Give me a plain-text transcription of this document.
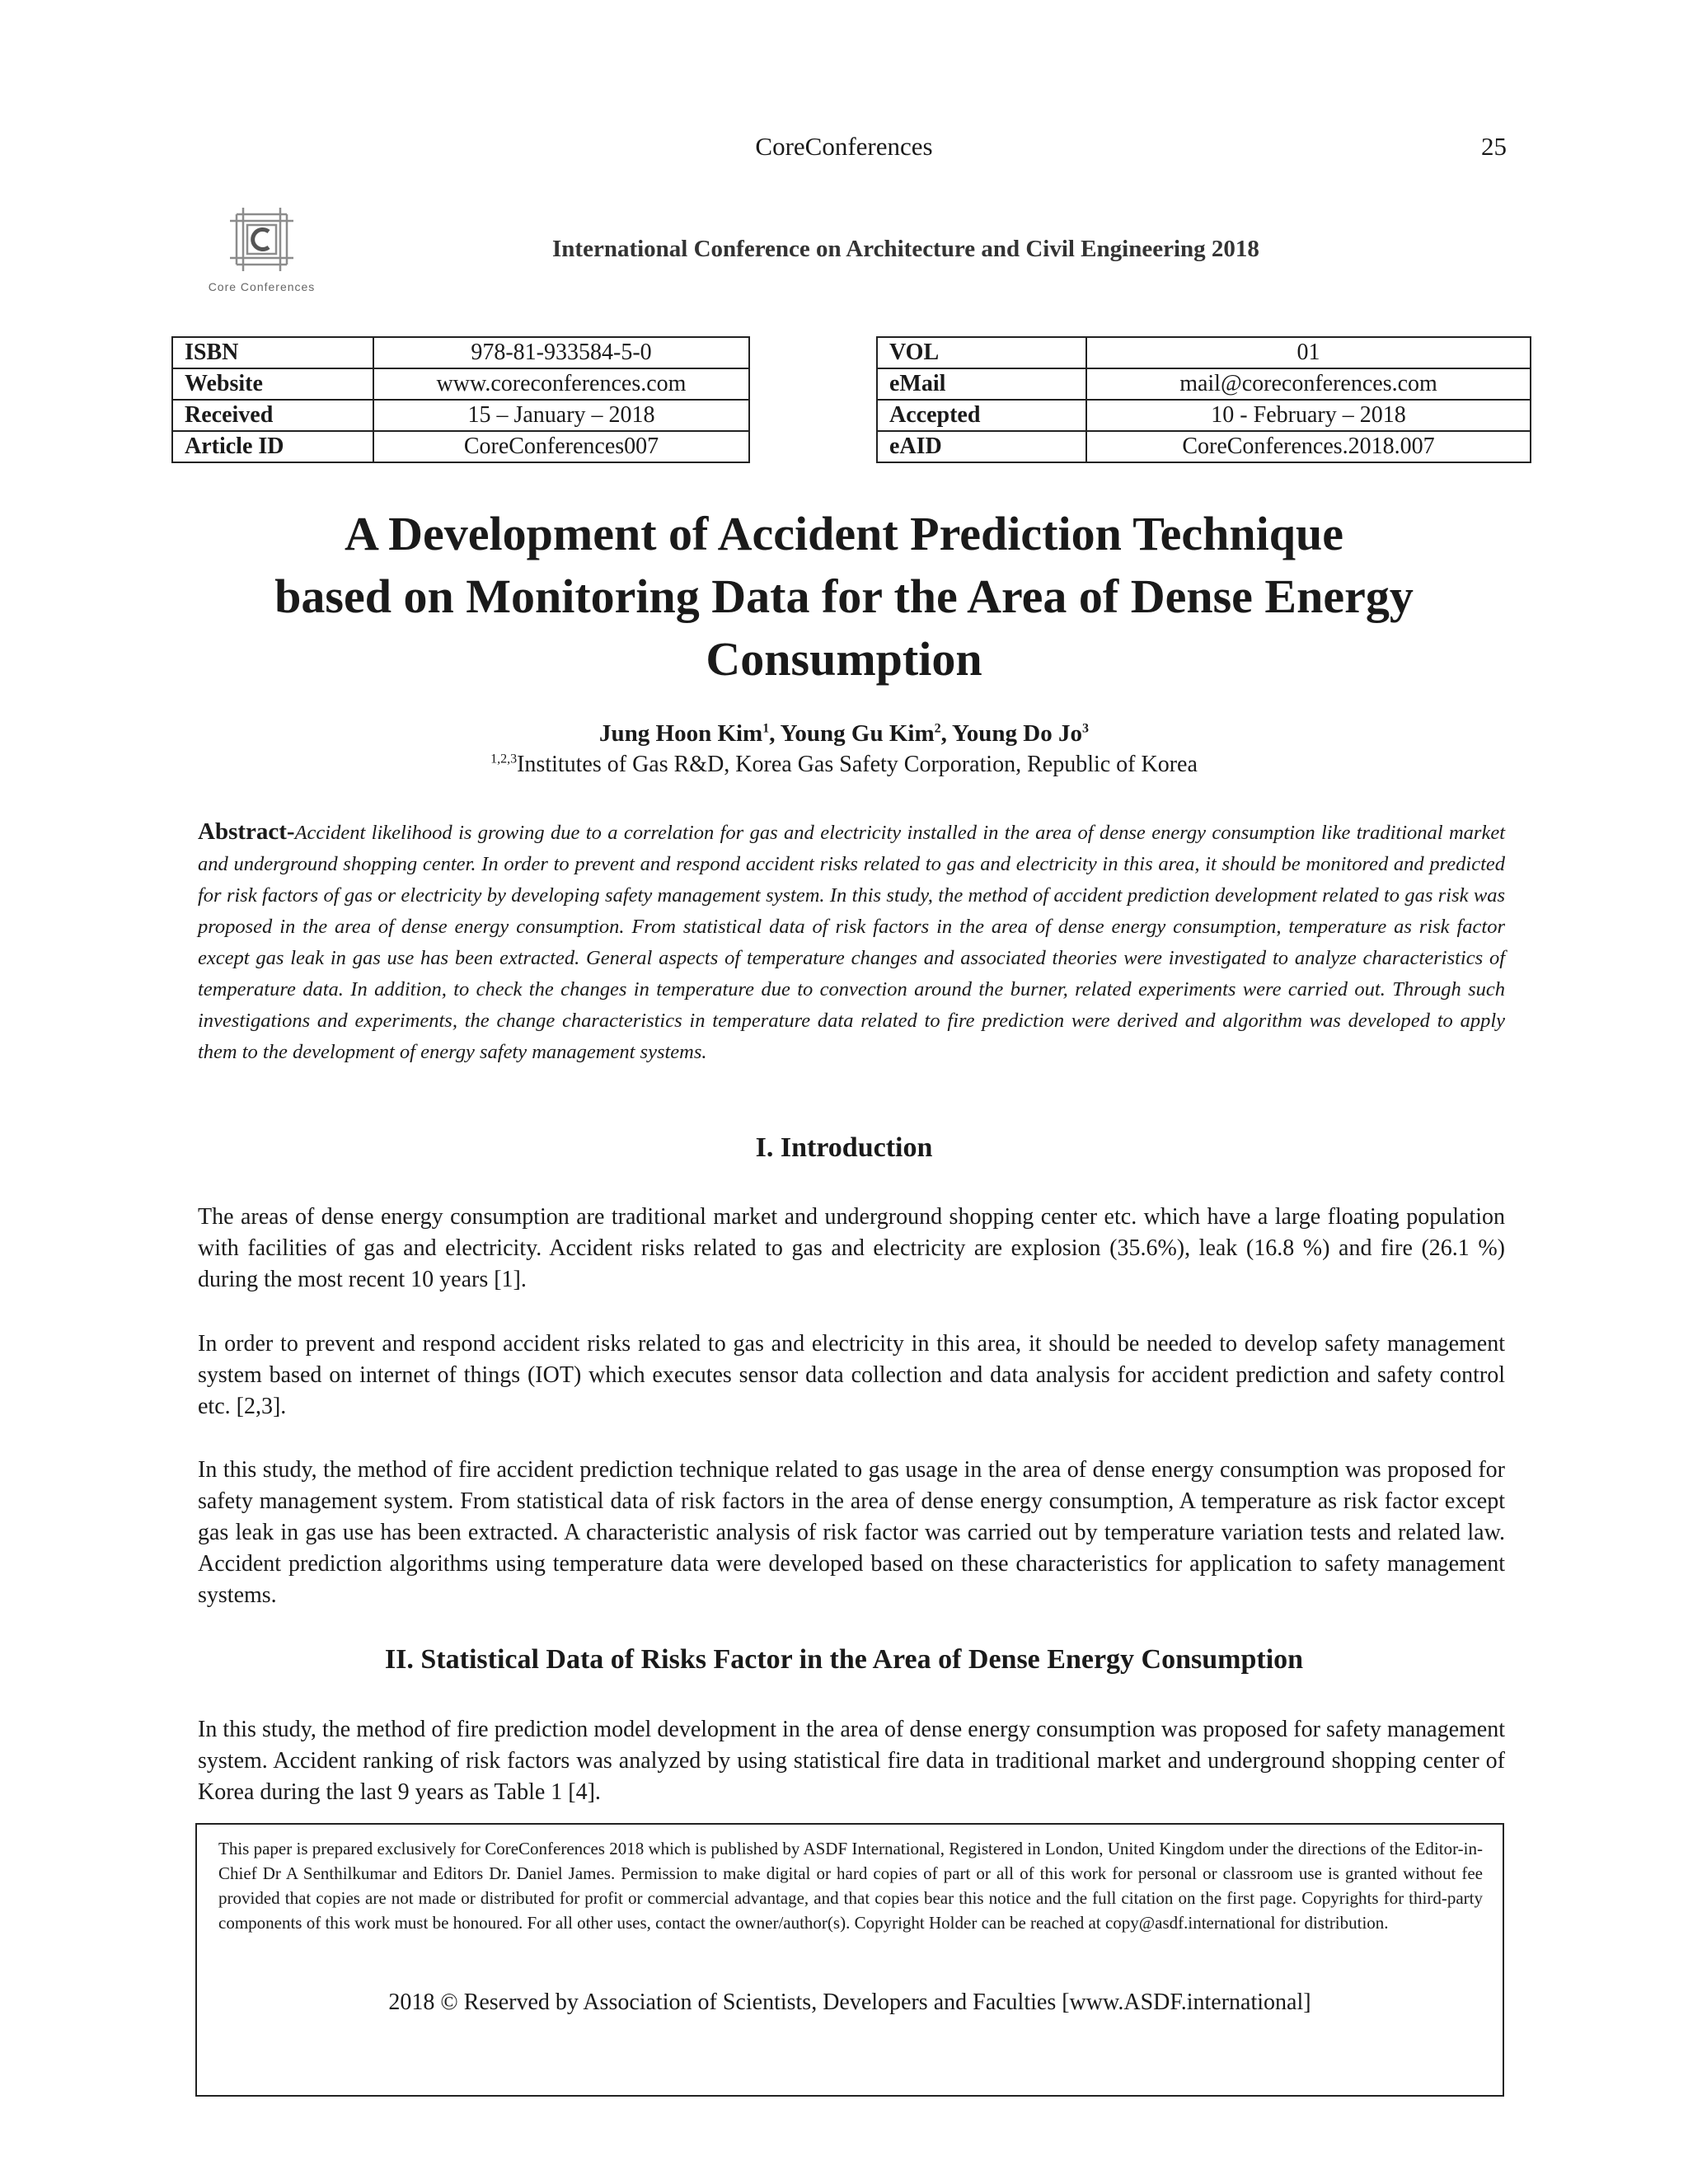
CoreConferences	25
Core Conferences
International Conference on Architecture and Civil Engineering 2018
ISBN	978-81-933584-5-0
Website	www.coreconferences.com
Received	15 – January – 2018
Article ID	CoreConferences007
VOL	01
eMail	mail@coreconferences.com
Accepted	10 - February – 2018
eAID	CoreConferences.2018.007
A Development of Accident Prediction Technique
based on Monitoring Data for the Area of Dense Energy
Consumption
Jung Hoon Kim$^1$, Young Gu Kim$^2$, Young Do Jo$^3$
$^{1,2,3}$Institutes of Gas R&D, Korea Gas Safety Corporation, Republic of Korea
Abstract-Accident likelihood is growing due to a correlation for gas and electricity installed in the area of dense energy consumption like traditional market and underground shopping center. In order to prevent and respond accident risks related to gas and electricity in this area, it should be monitored and predicted for risk factors of gas or electricity by developing safety management system. In this study, the method of accident prediction development related to gas risk was proposed in the area of dense energy consumption. From statistical data of risk factors in the area of dense energy consumption, temperature as risk factor except gas leak in gas use has been extracted. General aspects of temperature changes and associated theories were investigated to analyze characteristics of temperature data. In addition, to check the changes in temperature due to convection around the burner, related experiments were carried out. Through such investigations and experiments, the change characteristics in temperature data related to fire prediction were derived and algorithm was developed to apply them to the development of energy safety management systems.
I. Introduction
The areas of dense energy consumption are traditional market and underground shopping center etc. which have a large floating population with facilities of gas and electricity. Accident risks related to gas and electricity are explosion (35.6%), leak (16.8 %) and fire (26.1 %) during the most recent 10 years [1].
In order to prevent and respond accident risks related to gas and electricity in this area, it should be needed to develop safety management system based on internet of things (IOT) which executes sensor data collection and data analysis for accident prediction and safety control etc. [2,3].
In this study, the method of fire accident prediction technique related to gas usage in the area of dense energy consumption was proposed for safety management system. From statistical data of risk factors in the area of dense energy consumption, A temperature as risk factor except gas leak in gas use has been extracted. A characteristic analysis of risk factor was carried out by temperature variation tests and related law. Accident prediction algorithms using temperature data were developed based on these characteristics for application to safety management systems.
II. Statistical Data of Risks Factor in the Area of Dense Energy Consumption
In this study, the method of fire prediction model development in the area of dense energy consumption was proposed for safety management system. Accident ranking of risk factors was analyzed by using statistical fire data in traditional market and underground shopping center of Korea during the last 9 years as Table 1 [4].
This paper is prepared exclusively for CoreConferences 2018 which is published by ASDF International, Registered in London, United Kingdom under the directions of the Editor-in-Chief Dr A Senthilkumar and Editors Dr. Daniel James. Permission to make digital or hard copies of part or all of this work for personal or classroom use is granted without fee provided that copies are not made or distributed for profit or commercial advantage, and that copies bear this notice and the full citation on the first page. Copyrights for third-party components of this work must be honoured. For all other uses, contact the owner/author(s). Copyright Holder can be reached at copy@asdf.international for distribution.
2018 © Reserved by Association of Scientists, Developers and Faculties [www.ASDF.international]
